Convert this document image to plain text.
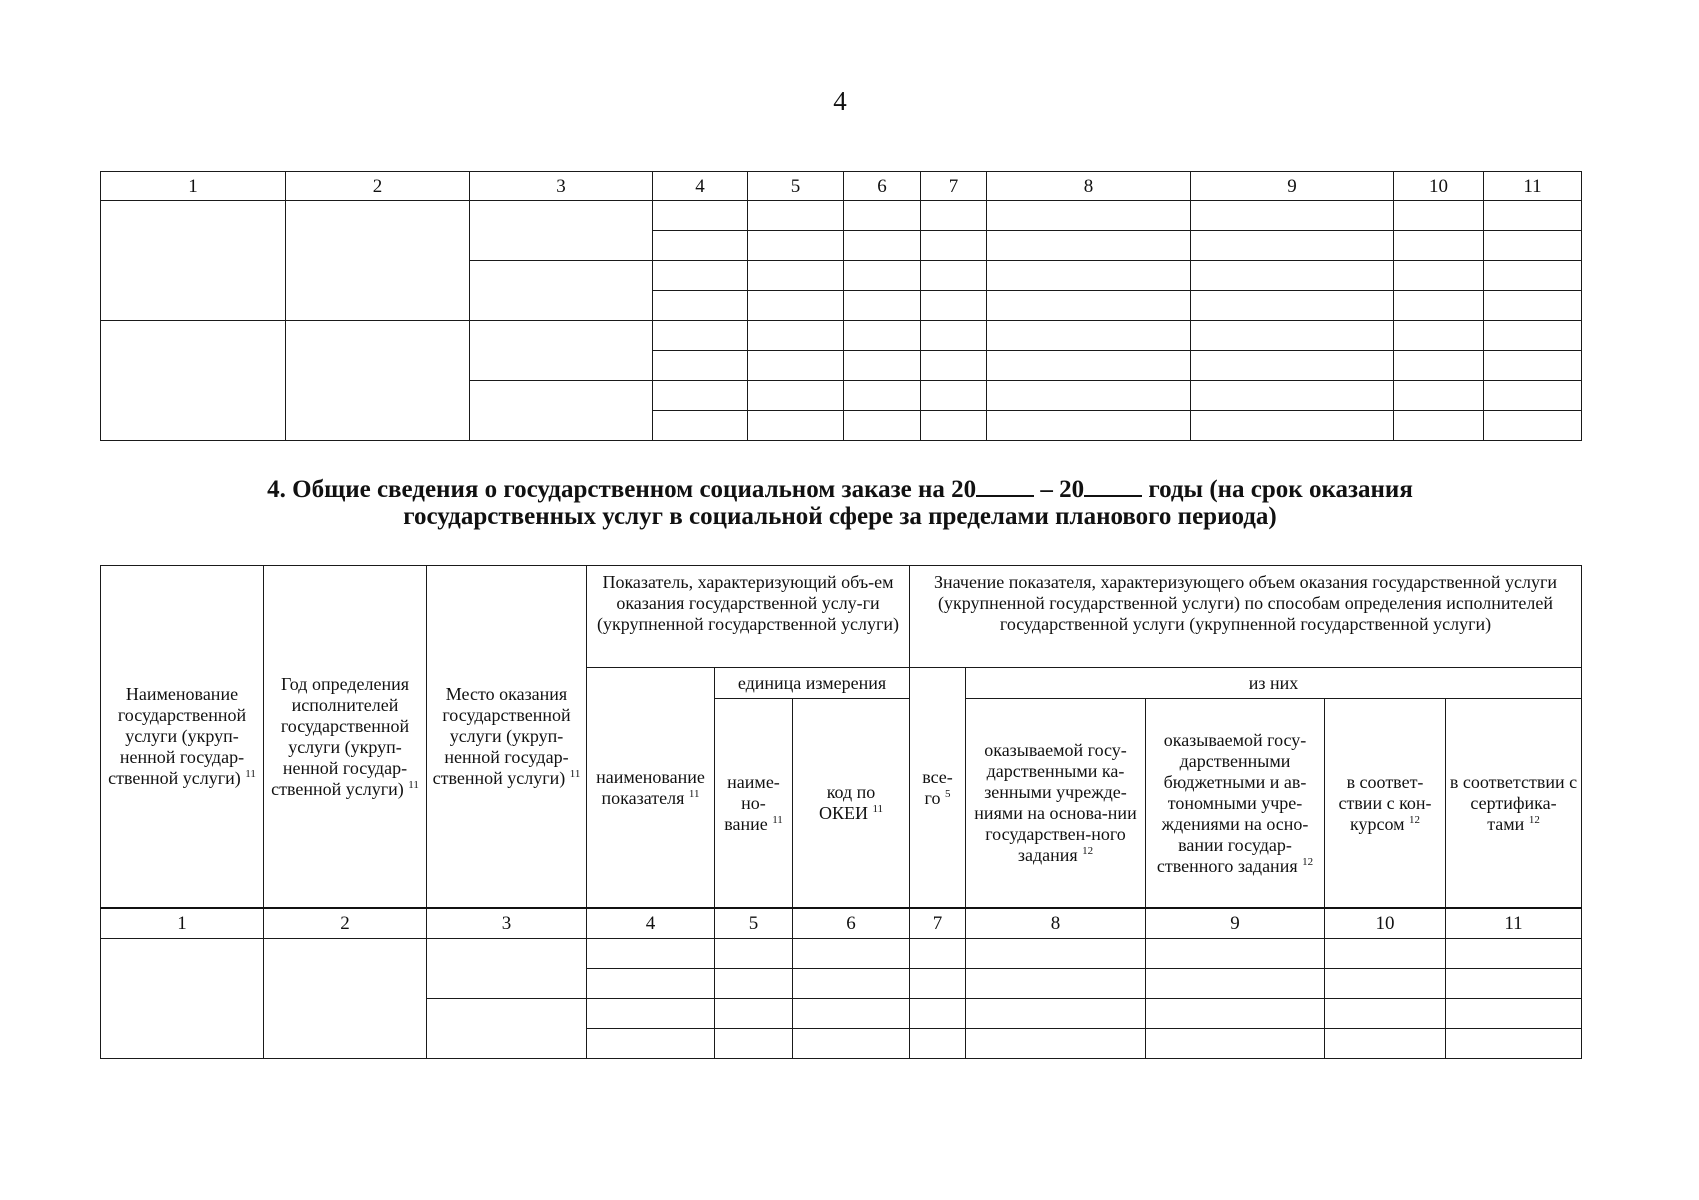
4
1	2	3	4	5	6	7	8	9	10	11

4. Общие сведения о государственном социальном заказе на 20	– 20	годы (на срок оказания
государственных услуг в социальной сфере за пределами планового периода)
Наименование государственной услуги (укруп-ненной государ-ственной услуги) $^{11}$	Год определения исполнителей государственной услуги (укруп-ненной государ-ственной услуги) $^{11}$	Место оказания государственной услуги (укруп-ненной государ-ственной услуги) $^{11}$	Показатель, характеризующий объ-ем оказания государственной услу-ги (укрупненной государственной услуги)			Значение показателя, характеризующего объем оказания государственной услуги (укрупненной государственной услуги) по способам определения исполнителей государственной услуги (укрупненной государственной услуги)				
			наименование показателя $^{11}$	единица измерения		все-го $^5$	из них			
				наиме-но-вание $^{11}$	код по ОКЕИ $^{11}$		оказываемой госу-дарственными ка-зенными учрежде-ниями на основа-нии государствен-ного задания $^{12}$	оказываемой госу-дарственными бюджетными и ав-тономными учре-ждениями на осно-вании государ-ственного задания $^{12}$	в соответ-ствии с кон-курсом $^{12}$	в соответствии с сертифика-тами $^{12}$
1	2	3	4	5	6	7	8	9	10	11
